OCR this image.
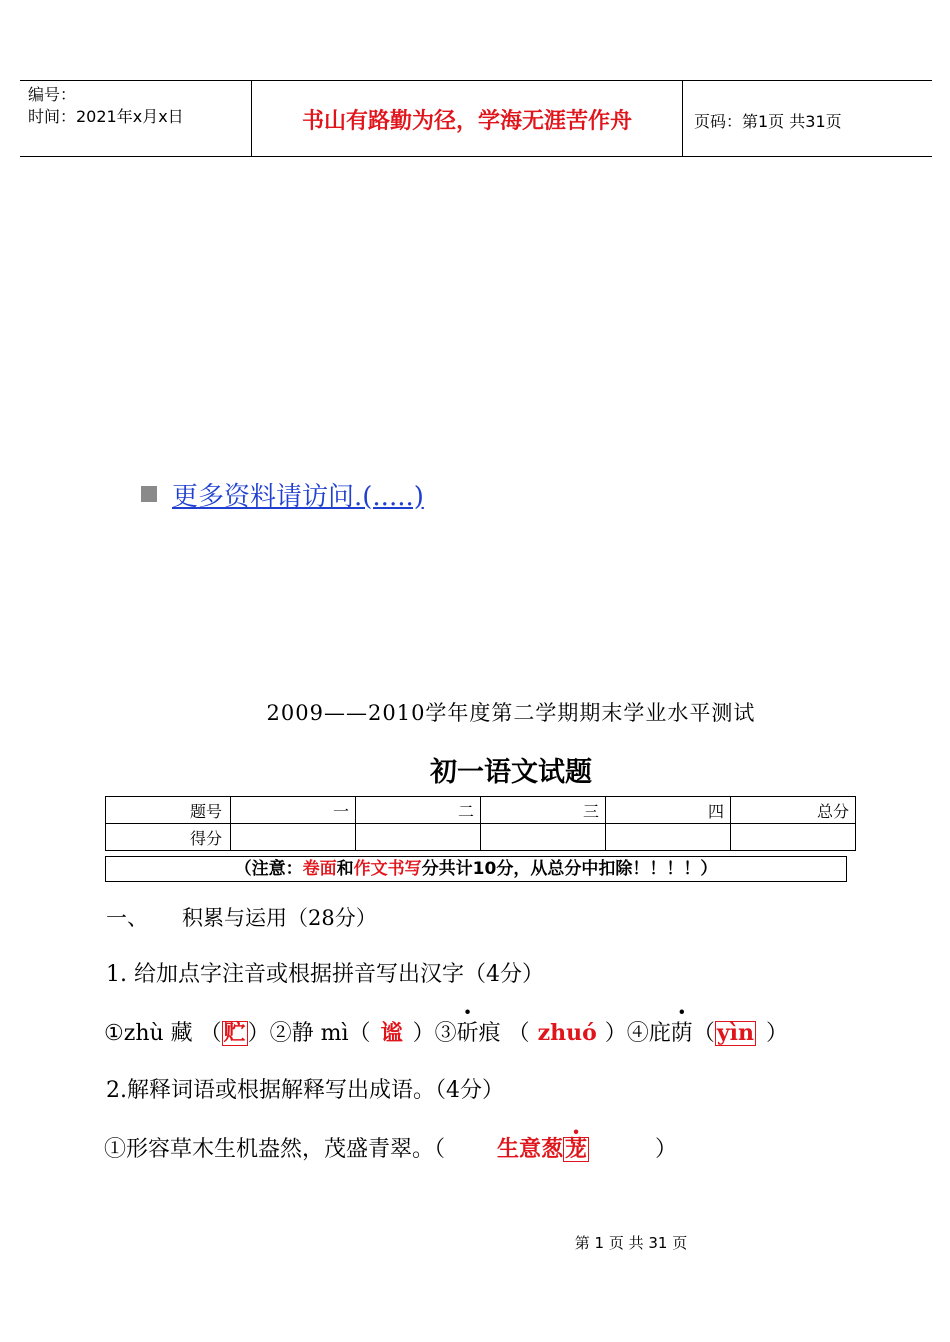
编号：
时间：2021年x月x日	书山有路勤为径，学海无涯苦作舟	页码：第1页 共31页
更多资料请访问.(.....)
2009——2010学年度第二学期期末学业水平测试
初一语文试题
题号	一	二	三	四	总分
得分					
（注意：卷面和作文书写分共计10分，从总分中扣除！！！！）
一、 积累与运用（28分）
1. 给加点字注音或根据拼音写出汉字（4分）
①zhù 藏 （贮）②静 mì（ 谧 ）③斫痕 （ zhuó ）④庇荫（yìn ）
2.解释词语或根据解释写出成语。（4分）
①形容草木生机盎然，茂盛青翠。（ 生意葱茏	）
第 1 页 共 31 页
